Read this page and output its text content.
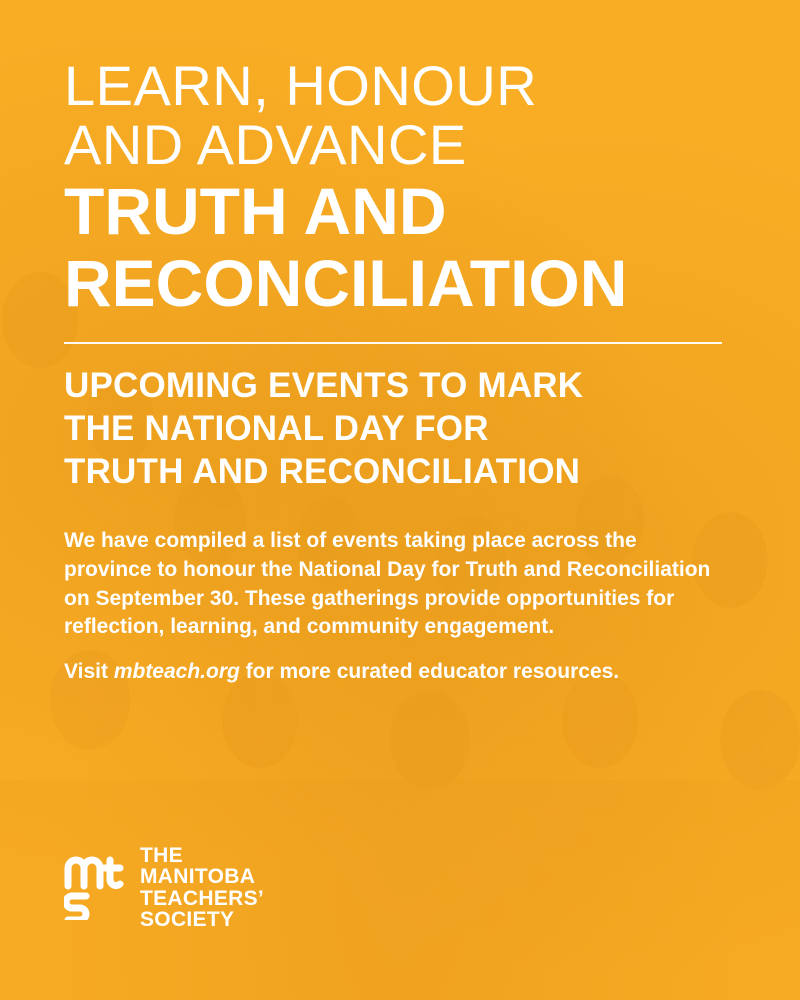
LEARN, HONOUR
AND ADVANCE
TRUTH AND
RECONCILIATION
UPCOMING EVENTS TO MARK
THE NATIONAL DAY FOR
TRUTH AND RECONCILIATION

We have compiled a list of events taking place across the province to honour the National Day for Truth and Reconciliation on September 30. These gatherings provide opportunities for reflection, learning, and community engagement.

Visit mbteach.org for more curated educator resources.

THE
MANITOBA
TEACHERS’
SOCIETY
